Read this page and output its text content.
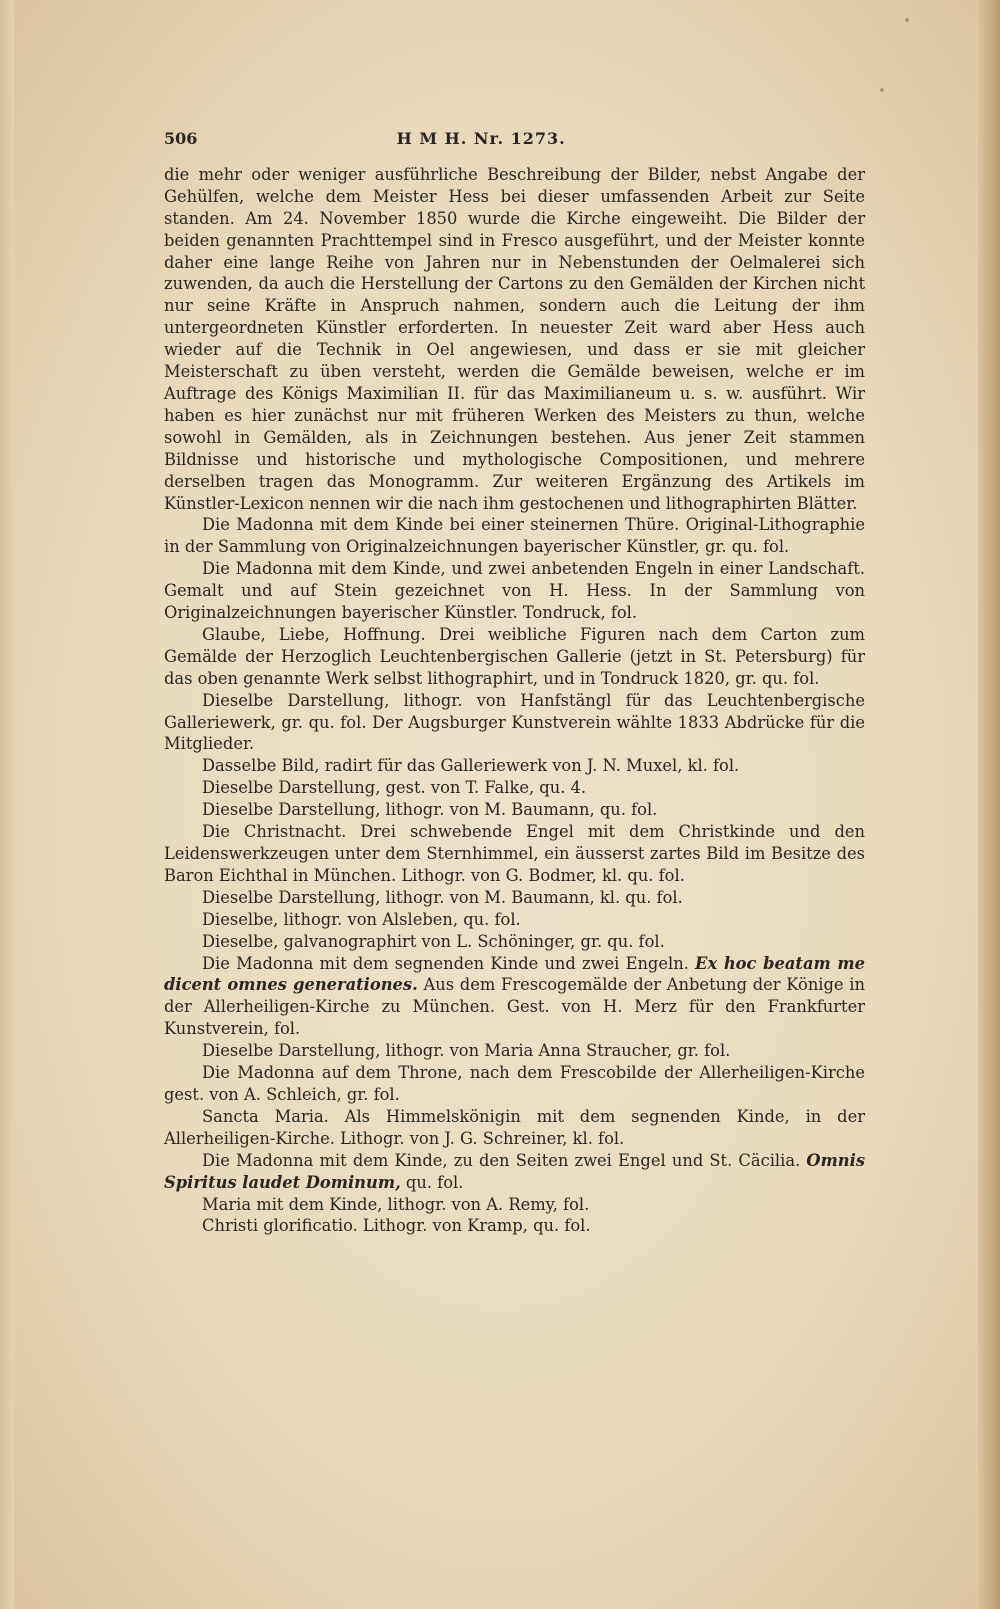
506	H M H. Nr. 1273.

die mehr oder weniger ausführliche Beschreibung der Bilder, nebst Angabe der Gehülfen, welche dem Meister Hess bei dieser umfassenden Arbeit zur Seite standen. Am 24. November 1850 wurde die Kirche eingeweiht. Die Bilder der beiden genannten Prachttempel sind in Fresco ausgeführt, und der Meister konnte daher eine lange Reihe von Jahren nur in Nebenstunden der Oelmalerei sich zuwenden, da auch die Herstellung der Cartons zu den Gemälden der Kirchen nicht nur seine Kräfte in Anspruch nahmen, sondern auch die Leitung der ihm untergeordneten Künstler erforderten. In neuester Zeit ward aber Hess auch wieder auf die Technik in Oel angewiesen, und dass er sie mit gleicher Meisterschaft zu üben versteht, werden die Gemälde beweisen, welche er im Auftrage des Königs Maximilian II. für das Maximilianeum u. s. w. ausführt. Wir haben es hier zunächst nur mit früheren Werken des Meisters zu thun, welche sowohl in Gemälden, als in Zeichnungen bestehen. Aus jener Zeit stammen Bildnisse und historische und mythologische Compositionen, und mehrere derselben tragen das Monogramm. Zur weiteren Ergänzung des Artikels im Künstler-Lexicon nennen wir die nach ihm gestochenen und lithographirten Blätter.

Die Madonna mit dem Kinde bei einer steinernen Thüre. Original-Lithographie in der Sammlung von Originalzeichnungen bayerischer Künstler, gr. qu. fol.

Die Madonna mit dem Kinde, und zwei anbetenden Engeln in einer Landschaft. Gemalt und auf Stein gezeichnet von H. Hess. In der Sammlung von Originalzeichnungen bayerischer Künstler. Tondruck, fol.

Glaube, Liebe, Hoffnung. Drei weibliche Figuren nach dem Carton zum Gemälde der Herzoglich Leuchtenbergischen Gallerie (jetzt in St. Petersburg) für das oben genannte Werk selbst lithographirt, und in Tondruck 1820, gr. qu. fol.

Dieselbe Darstellung, lithogr. von Hanfstängl für das Leuchtenbergische Galleriewerk, gr. qu. fol. Der Augsburger Kunstverein wählte 1833 Abdrücke für die Mitglieder.

Dasselbe Bild, radirt für das Galleriewerk von J. N. Muxel, kl. fol.

Dieselbe Darstellung, gest. von T. Falke, qu. 4.

Dieselbe Darstellung, lithogr. von M. Baumann, qu. fol.

Die Christnacht. Drei schwebende Engel mit dem Christkinde und den Leidenswerkzeugen unter dem Sternhimmel, ein äusserst zartes Bild im Besitze des Baron Eichthal in München. Lithogr. von G. Bodmer, kl. qu. fol.

Dieselbe Darstellung, lithogr. von M. Baumann, kl. qu. fol.

Dieselbe, lithogr. von Alsleben, qu. fol.

Dieselbe, galvanographirt von L. Schöninger, gr. qu. fol.

Die Madonna mit dem segnenden Kinde und zwei Engeln. Ex hoc beatam me dicent omnes generationes. Aus dem Frescogemälde der Anbetung der Könige in der Allerheiligen-Kirche zu München. Gest. von H. Merz für den Frankfurter Kunstverein, fol.

Dieselbe Darstellung, lithogr. von Maria Anna Straucher, gr. fol.

Die Madonna auf dem Throne, nach dem Frescobilde der Allerheiligen-Kirche gest. von A. Schleich, gr. fol.

Sancta Maria. Als Himmelskönigin mit dem segnenden Kinde, in der Allerheiligen-Kirche. Lithogr. von J. G. Schreiner, kl. fol.

Die Madonna mit dem Kinde, zu den Seiten zwei Engel und St. Cäcilia. Omnis Spiritus laudet Dominum, qu. fol.

Maria mit dem Kinde, lithogr. von A. Remy, fol.

Christi glorificatio. Lithogr. von Kramp, qu. fol.
